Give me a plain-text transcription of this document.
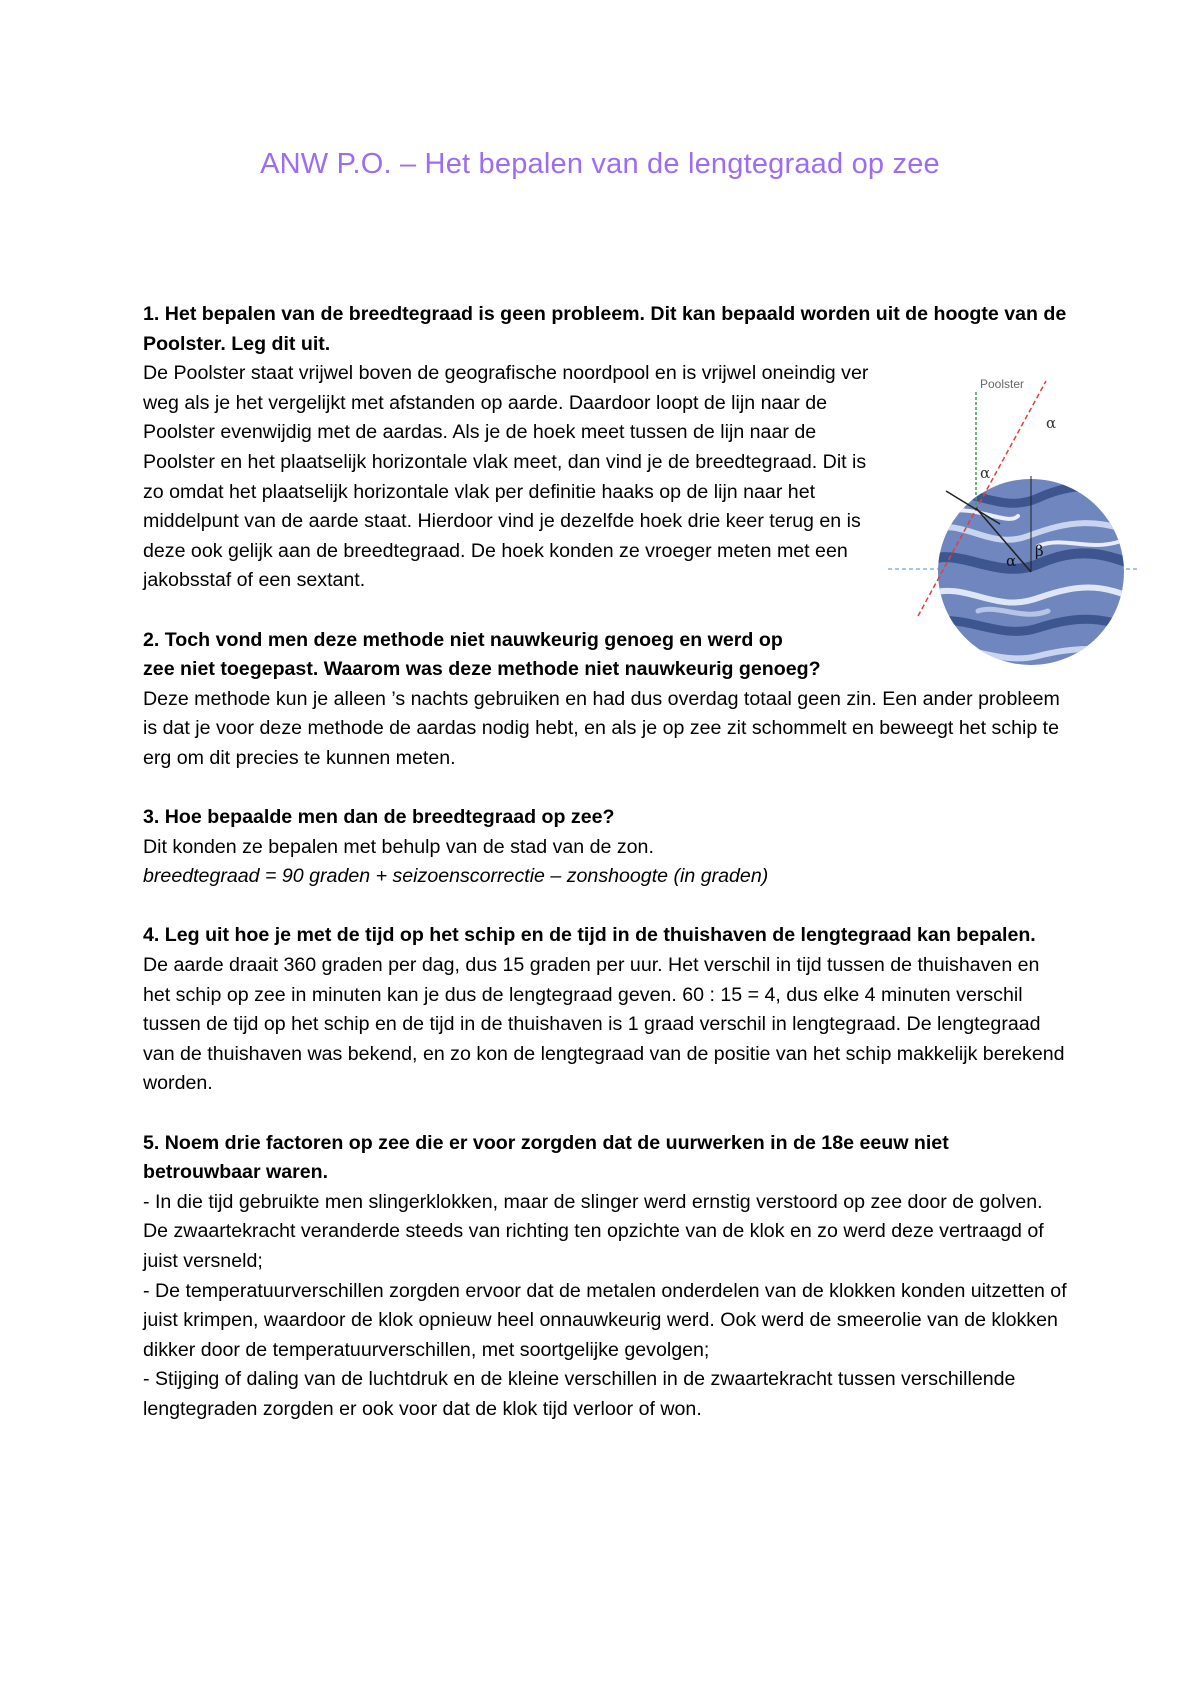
ANW P.O. – Het bepalen van de lengtegraad op zee

1. Het bepalen van de breedtegraad is geen probleem. Dit kan bepaald worden uit de hoogte van de Poolster. Leg dit uit.

De Poolster staat vrijwel boven de geografische noordpool en is vrijwel oneindig ver weg als je het vergelijkt met afstanden op aarde. Daardoor loopt de lijn naar de Poolster evenwijdig met de aardas. Als je de hoek meet tussen de lijn naar de Poolster en het plaatselijk horizontale vlak meet, dan vind je de breedtegraad. Dit is zo omdat het plaatselijk horizontale vlak per definitie haaks op de lijn naar het middelpunt van de aarde staat. Hierdoor vind je dezelfde hoek drie keer terug en is deze ook gelijk aan de breedtegraad. De hoek konden ze vroeger meten met een jakobsstaf of een sextant.

2. Toch vond men deze methode niet nauwkeurig genoeg en werd op

zee niet toegepast. Waarom was deze methode niet nauwkeurig genoeg?

Deze methode kun je alleen ’s nachts gebruiken en had dus overdag totaal geen zin. Een ander probleem is dat je voor deze methode de aardas nodig hebt, en als je op zee zit schommelt en beweegt het schip te erg om dit precies te kunnen meten.

3. Hoe bepaalde men dan de breedtegraad op zee?

Dit konden ze bepalen met behulp van de stad van de zon.

breedtegraad = 90 graden + seizoenscorrectie – zonshoogte (in graden)

4. Leg uit hoe je met de tijd op het schip en de tijd in de thuishaven de lengtegraad kan bepalen.

De aarde draait 360 graden per dag, dus 15 graden per uur. Het verschil in tijd tussen de thuishaven en het schip op zee in minuten kan je dus de lengtegraad geven. 60 : 15 = 4, dus elke 4 minuten verschil tussen de tijd op het schip en de tijd in de thuishaven is 1 graad verschil in lengtegraad. De lengtegraad van de thuishaven was bekend, en zo kon de lengtegraad van de positie van het schip makkelijk berekend worden.

5. Noem drie factoren op zee die er voor zorgden dat de uurwerken in de 18e eeuw niet betrouwbaar waren.

- In die tijd gebruikte men slingerklokken, maar de slinger werd ernstig verstoord op zee door de golven. De zwaartekracht veranderde steeds van richting ten opzichte van de klok en zo werd deze vertraagd of juist versneld;

- De temperatuurverschillen zorgden ervoor dat de metalen onderdelen van de klokken konden uitzetten of juist krimpen, waardoor de klok opnieuw heel onnauwkeurig werd. Ook werd de smeerolie van de klokken dikker door de temperatuurverschillen, met soortgelijke gevolgen;

- Stijging of daling van de luchtdruk en de kleine verschillen in de zwaartekracht tussen verschillende lengtegraden zorgden er ook voor dat de klok tijd verloor of won.

Poolster
α
α
α
β
